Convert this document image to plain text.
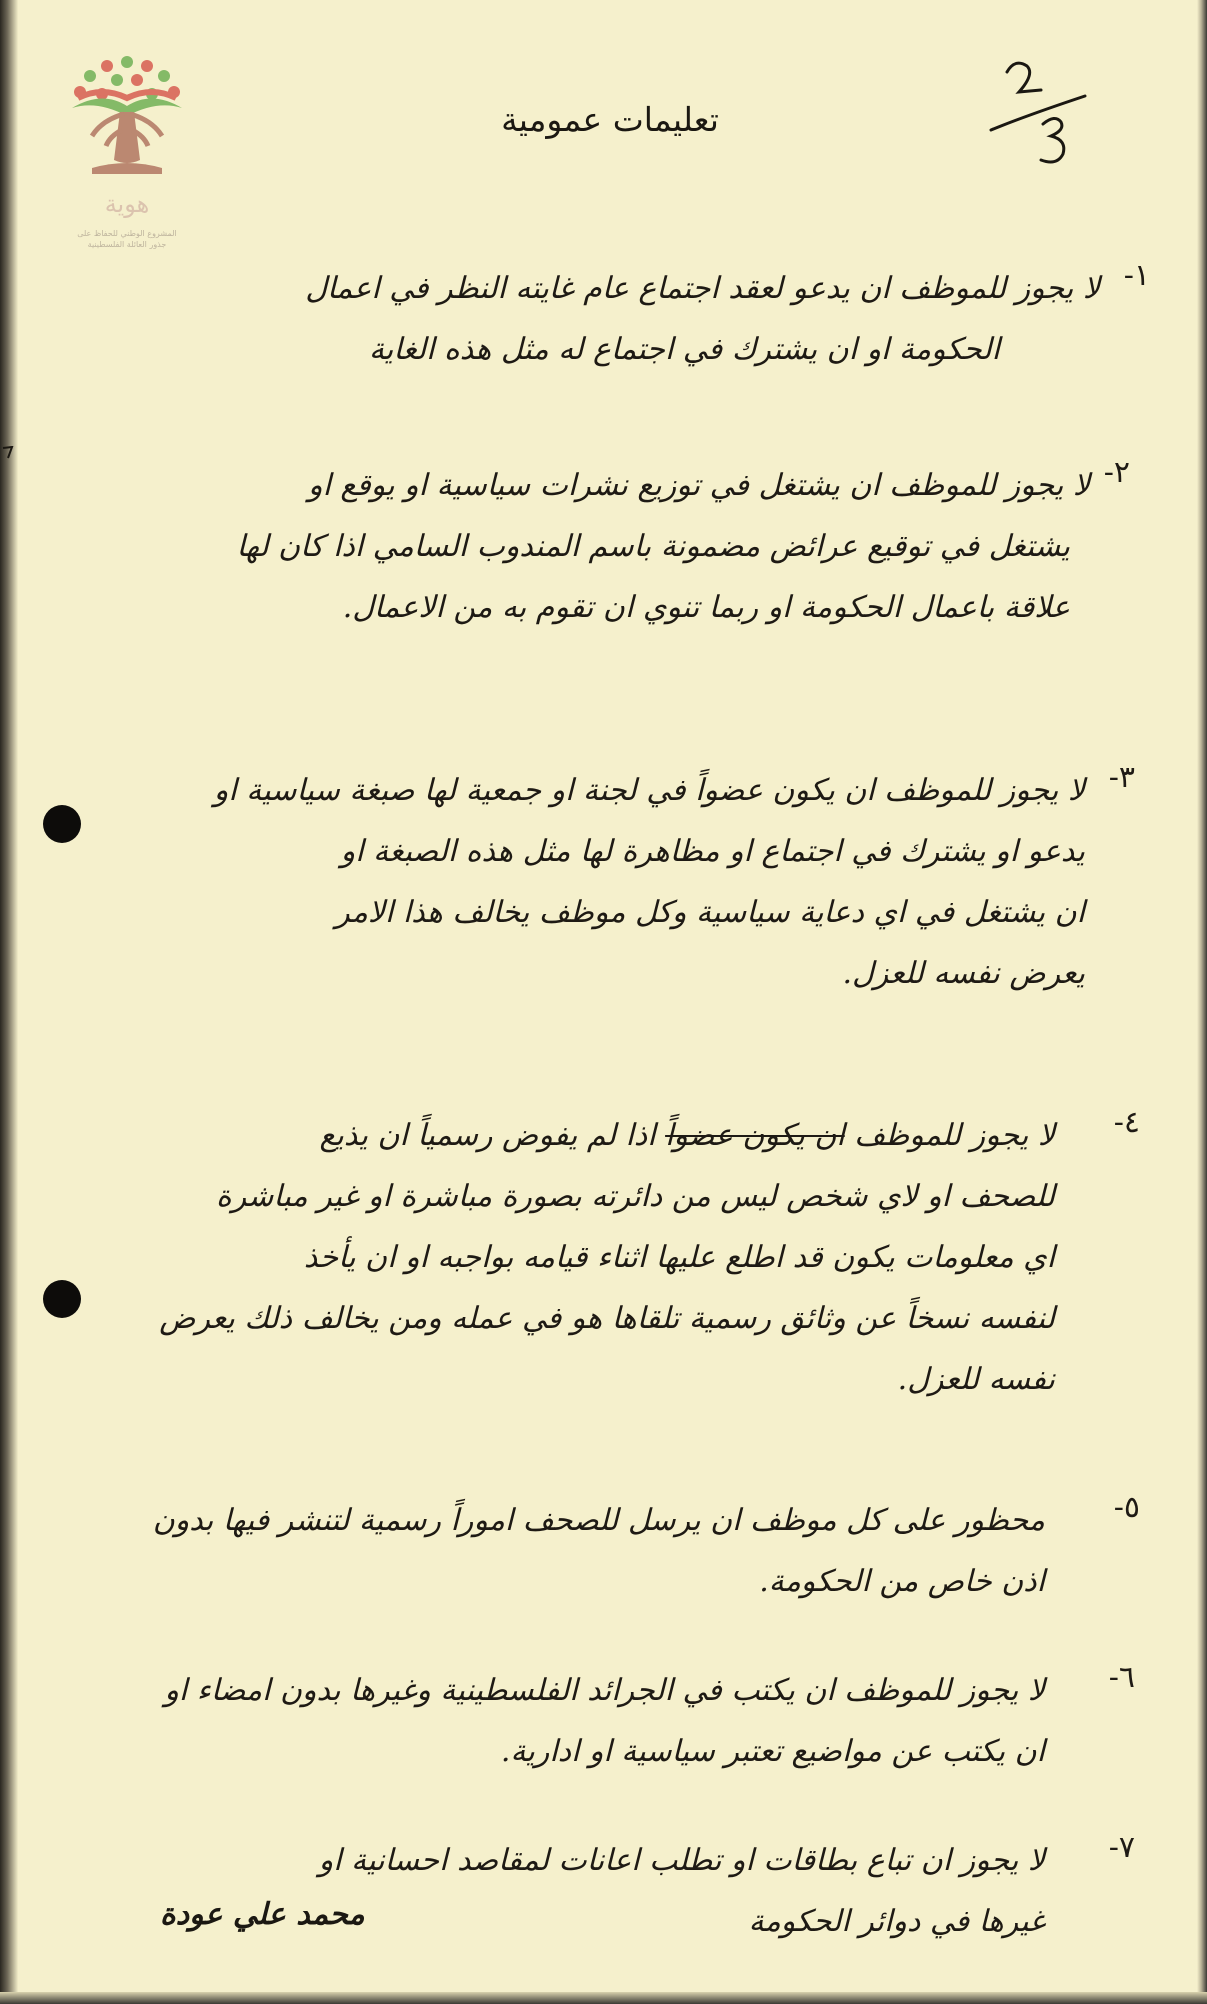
هوية
المشروع الوطني للحفاظ على
جذور العائلة الفلسطينية
تعليمات عمومية
١-
لا يجوز للموظف ان يدعو لعقد اجتماع عام غايته النظر في اعمال
الحكومة او ان يشترك في اجتماع له مثل هذه الغاية
٢-
لا يجوز للموظف ان يشتغل في توزيع نشرات سياسية او يوقع او
يشتغل في توقيع عرائض مضمونة باسم المندوب السامي اذا كان لها
علاقة باعمال الحكومة او ربما تنوي ان تقوم به من الاعمال.
٣-
لا يجوز للموظف ان يكون عضواً في لجنة او جمعية لها صبغة سياسية او
يدعو او يشترك في اجتماع او مظاهرة لها مثل هذه الصبغة او
ان يشتغل في اي دعاية سياسية وكل موظف يخالف هذا الامر
يعرض نفسه للعزل.
٤-
لا يجوز للموظف ان يكون عضواً اذا لم يفوض رسمياً ان يذيع
للصحف او لاي شخص ليس من دائرته بصورة مباشرة او غير مباشرة
اي معلومات يكون قد اطلع عليها اثناء قيامه بواجبه او ان يأخذ
لنفسه نسخاً عن وثائق رسمية تلقاها هو في عمله ومن يخالف ذلك يعرض
نفسه للعزل.
٥-
محظور على كل موظف ان يرسل للصحف اموراً رسمية لتنشر فيها بدون
اذن خاص من الحكومة.
٦-
لا يجوز للموظف ان يكتب في الجرائد الفلسطينية وغيرها بدون امضاء او
ان يكتب عن مواضيع تعتبر سياسية او ادارية.
٧-
لا يجوز ان تباع بطاقات او تطلب اعانات لمقاصد احسانية او
غيرها في دوائر الحكومة
محمد علي عودة
